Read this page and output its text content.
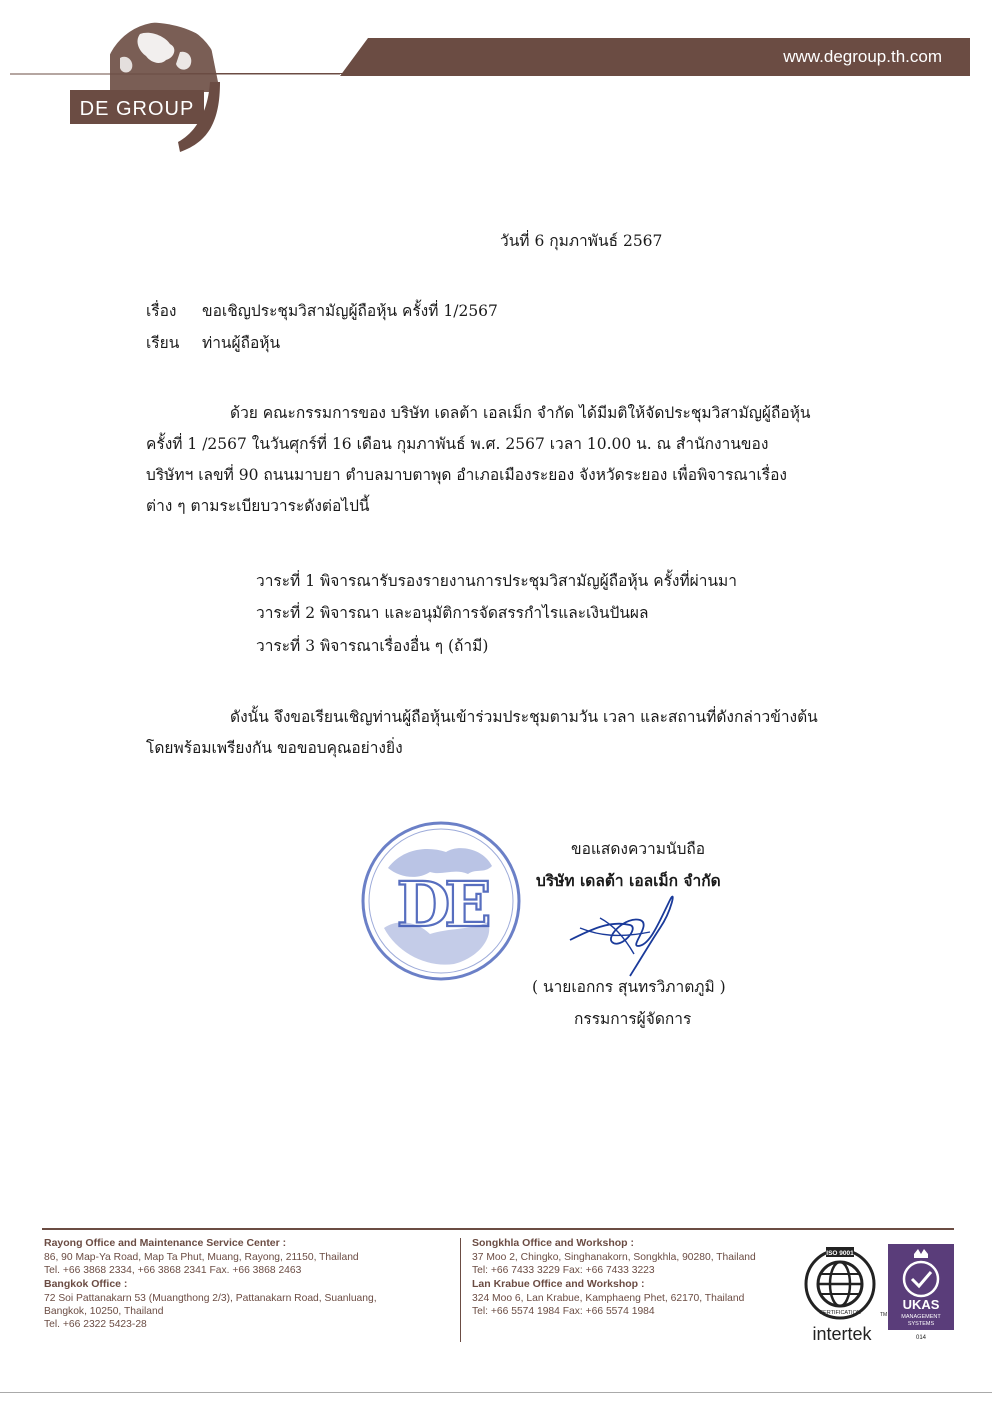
DE GROUP
www.degroup.th.com
วันที่ 6 กุมภาพันธ์ 2567
เรื่อง ขอเชิญประชุมวิสามัญผู้ถือหุ้น ครั้งที่ 1/2567
เรียน ท่านผู้ถือหุ้น
ด้วย คณะกรรมการของ บริษัท เดลต้า เอลเม็ก จำกัด ได้มีมติให้จัดประชุมวิสามัญผู้ถือหุ้น
ครั้งที่ 1 /2567 ในวันศุกร์ที่ 16 เดือน กุมภาพันธ์ พ.ศ. 2567 เวลา 10.00 น. ณ สำนักงานของ
บริษัทฯ เลขที่ 90 ถนนมาบยา ตำบลมาบตาพุด อำเภอเมืองระยอง จังหวัดระยอง เพื่อพิจารณาเรื่อง
ต่าง ๆ ตามระเบียบวาระดังต่อไปนี้
วาระที่ 1 พิจารณารับรองรายงานการประชุมวิสามัญผู้ถือหุ้น ครั้งที่ผ่านมา
วาระที่ 2 พิจารณา และอนุมัติการจัดสรรกำไรและเงินปันผล
วาระที่ 3 พิจารณาเรื่องอื่น ๆ (ถ้ามี)
ดังนั้น จึงขอเรียนเชิญท่านผู้ถือหุ้นเข้าร่วมประชุมตามวัน เวลา และสถานที่ดังกล่าวข้างต้น
โดยพร้อมเพรียงกัน ขอขอบคุณอย่างยิ่ง
DE
ขอแสดงความนับถือ
บริษัท เดลต้า เอลเม็ก จำกัด
( นายเอกกร สุนทรวิภาตภูมิ )
กรรมการผู้จัดการ
Rayong Office and Maintenance Service Center :
86, 90 Map-Ya Road, Map Ta Phut, Muang, Rayong, 21150, Thailand
Tel. +66 3868 2334, +66 3868 2341 Fax. +66 3868 2463
Bangkok Office :
72 Soi Pattanakarn 53 (Muangthong 2/3), Pattanakarn Road, Suanluang,
Bangkok, 10250, Thailand
Tel. +66 2322 5423-28
Songkhla Office and Workshop :
37 Moo 2, Chingko, Singhanakorn, Songkhla, 90280, Thailand
Tel: +66 7433 3229 Fax: +66 7433 3223
Lan Krabue Office and Workshop :
324 Moo 6, Lan Krabue, Kamphaeng Phet, 62170, Thailand
Tel: +66 5574 1984 Fax: +66 5574 1984
ISO 9001
CERTIFICATION	TM
intertek
UKAS
MANAGEMENT
SYSTEMS
014
